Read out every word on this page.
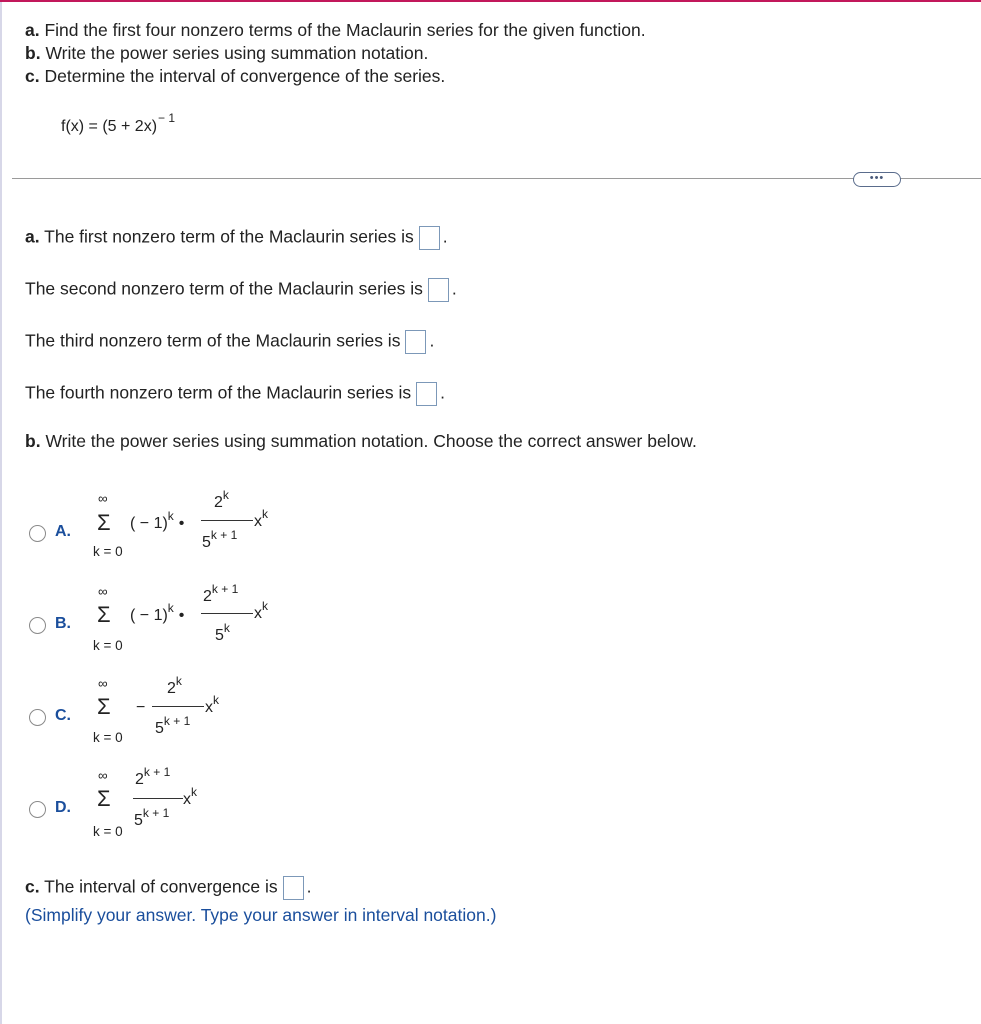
a. Find the first four nonzero terms of the Maclaurin series for the given function.
b. Write the power series using summation notation.
c. Determine the interval of convergence of the series.
$f(x) = (5 + 2x)^{- 1}$
•••
a. The first nonzero term of the Maclaurin series is .
The second nonzero term of the Maclaurin series is .
The third nonzero term of the Maclaurin series is .
The fourth nonzero term of the Maclaurin series is .
b. Write the power series using summation notation. Choose the correct answer below.
A.
∞
Σ
k = 0
( − 1)$^k$ •
2$^k$
$5^{k + 1}$
$x^k$
B.
∞
Σ
k = 0
( − 1)$^k$ •
$2^{k + 1}$
5$^k$
$x^k$
C.
∞
Σ
k = 0
−
$2^k$
$5^{k + 1}$
$x^k$
D.
∞
Σ
k = 0
$2^{k + 1}$
$5^{k + 1}$
$x^k$
c. The interval of convergence is .
(Simplify your answer. Type your answer in interval notation.)
